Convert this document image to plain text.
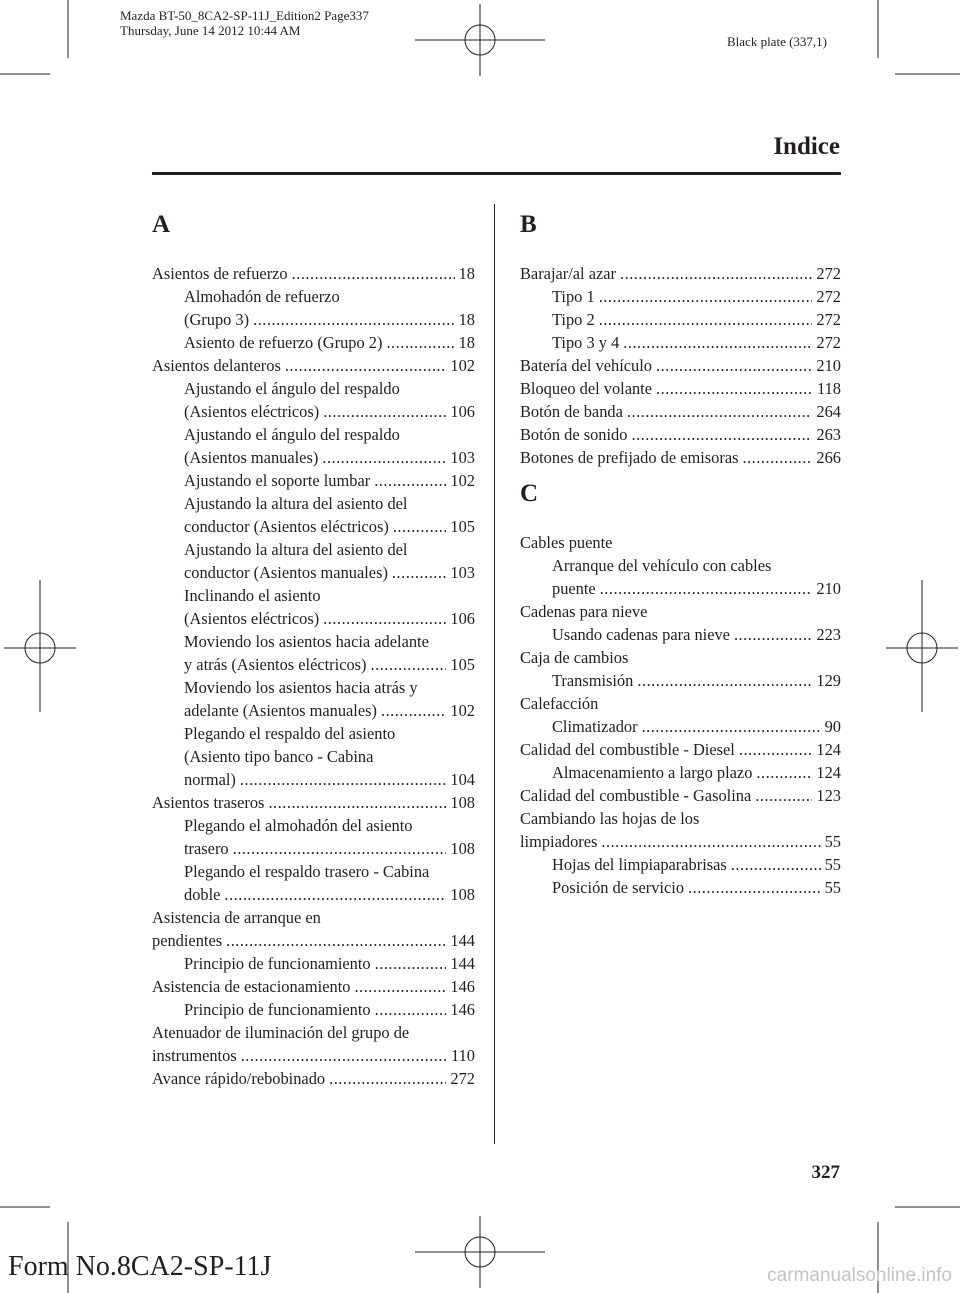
Mazda BT-50_8CA2-SP-11J_Edition2 Page337
Thursday, June 14 2012 10:44 AM
Black plate (337,1)
Indice
A
Asientos de refuerzo .....	18
Almohadón de refuerzo
(Grupo 3) .....	18
Asiento de refuerzo (Grupo 2) .....	18
Asientos delanteros .....	102
Ajustando el ángulo del respaldo
(Asientos eléctricos) .....	106
Ajustando el ángulo del respaldo
(Asientos manuales) .....	103
Ajustando el soporte lumbar .....	102
Ajustando la altura del asiento del
conductor (Asientos eléctricos) .....	105
Ajustando la altura del asiento del
conductor (Asientos manuales) .....	103
Inclinando el asiento
(Asientos eléctricos) .....	106
Moviendo los asientos hacia adelante
y atrás (Asientos eléctricos) .....	105
Moviendo los asientos hacia atrás y
adelante (Asientos manuales) .....	102
Plegando el respaldo del asiento
(Asiento tipo banco - Cabina
normal) .....	104
Asientos traseros .....	108
Plegando el almohadón del asiento
trasero .....	108
Plegando el respaldo trasero - Cabina
doble .....	108
Asistencia de arranque en
pendientes .....	144
Principio de funcionamiento .....	144
Asistencia de estacionamiento .....	146
Principio de funcionamiento .....	146
Atenuador de iluminación del grupo de
instrumentos .....	110
Avance rápido/rebobinado .....	272
B
Barajar/al azar .....	272
Tipo 1 .....	272
Tipo 2 .....	272
Tipo 3 y 4 .....	272
Batería del vehículo .....	210
Bloqueo del volante .....	118
Botón de banda .....	264
Botón de sonido .....	263
Botones de prefijado de emisoras .....	266
C
Cables puente
Arranque del vehículo con cables
puente .....	210
Cadenas para nieve
Usando cadenas para nieve .....	223
Caja de cambios
Transmisión .....	129
Calefacción
Climatizador .....	90
Calidad del combustible - Diesel .....	124
Almacenamiento a largo plazo .....	124
Calidad del combustible - Gasolina .....	123
Cambiando las hojas de los
limpiadores .....	55
Hojas del limpiaparabrisas .....	55
Posición de servicio .....	55
327
Form No.8CA2-SP-11J	carmanualsonline.info
